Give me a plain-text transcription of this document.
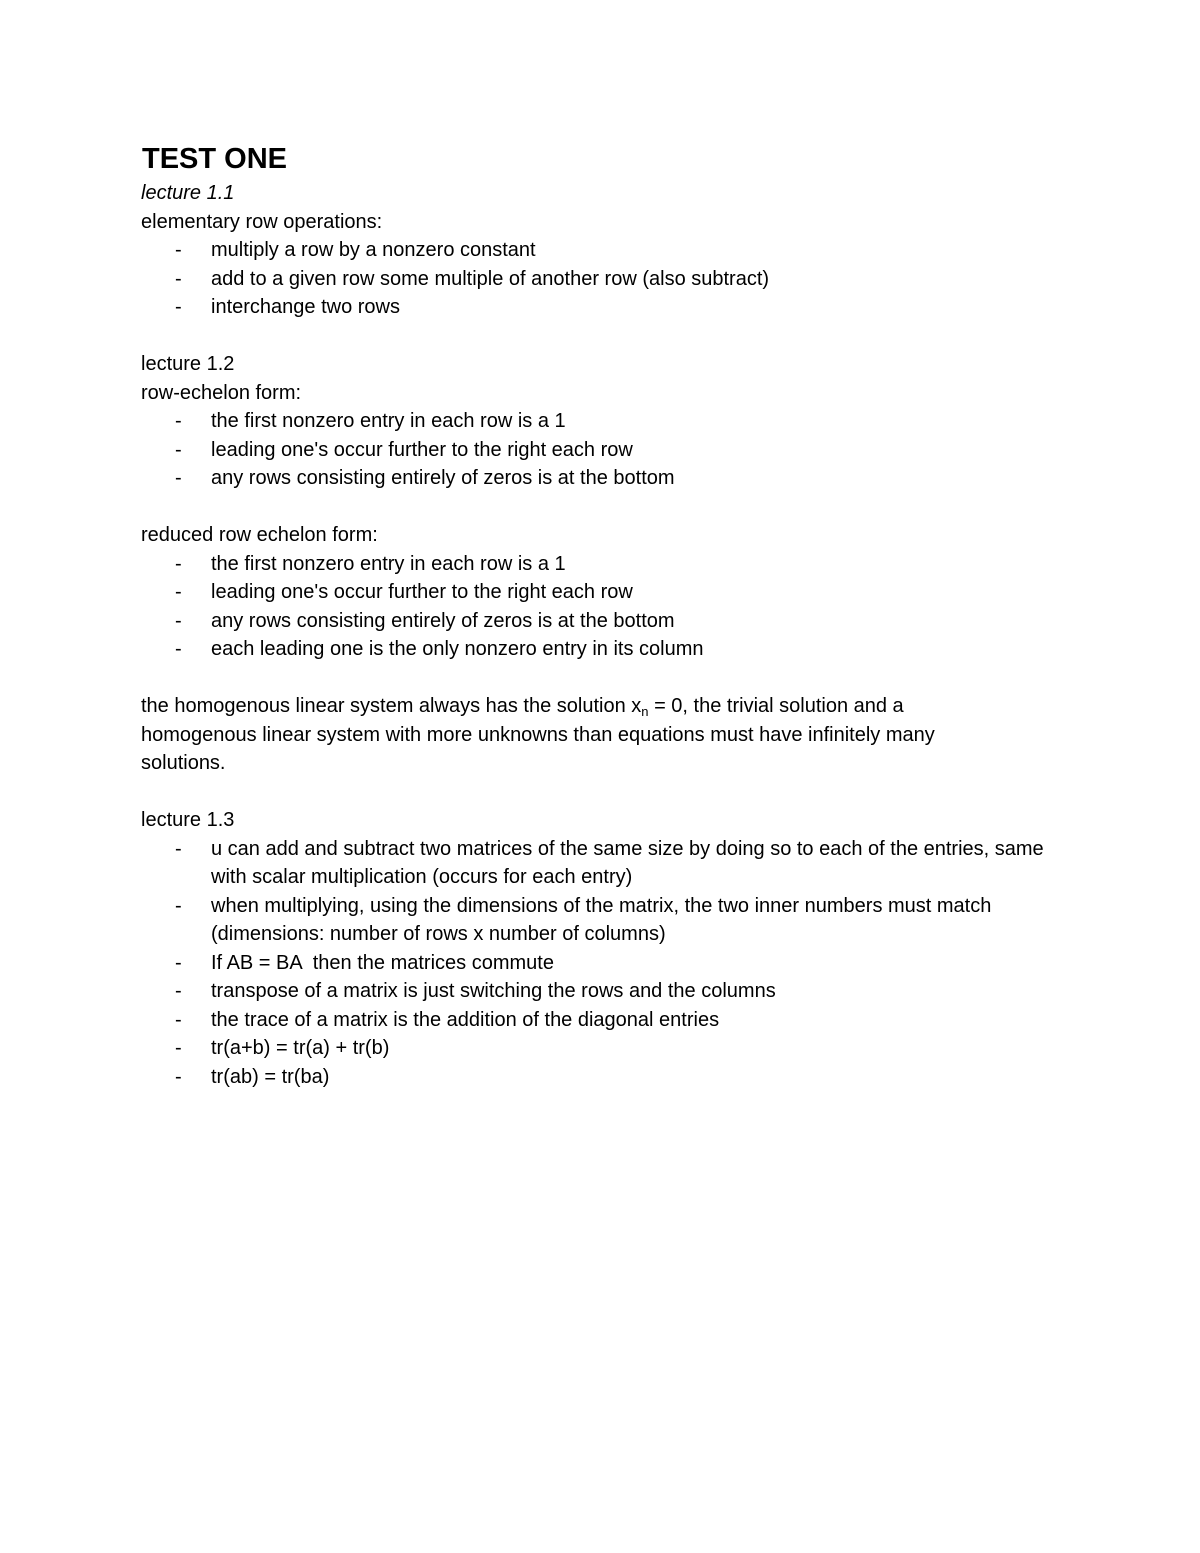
TEST ONE
lecture 1.1
elementary row operations:
- multiply a row by a nonzero constant
- add to a given row some multiple of another row (also subtract)
- interchange two rows
lecture 1.2
row-echelon form:
- the first nonzero entry in each row is a 1
- leading one's occur further to the right each row
- any rows consisting entirely of zeros is at the bottom
reduced row echelon form:
- the first nonzero entry in each row is a 1
- leading one's occur further to the right each row
- any rows consisting entirely of zeros is at the bottom
- each leading one is the only nonzero entry in its column

the homogenous linear system always has the solution $x_n = 0$, the trivial solution and a homogenous linear system with more unknowns than equations must have infinitely many solutions.

lecture 1.3
- u can add and subtract two matrices of the same size by doing so to each of the entries, same with scalar multiplication (occurs for each entry)
- when multiplying, using the dimensions of the matrix, the two inner numbers must match (dimensions: number of rows x number of columns)
- If AB = BA  then the matrices commute
- transpose of a matrix is just switching the rows and the columns
- the trace of a matrix is the addition of the diagonal entries
- tr(a+b) = tr(a) + tr(b)
- tr(ab) = tr(ba)
